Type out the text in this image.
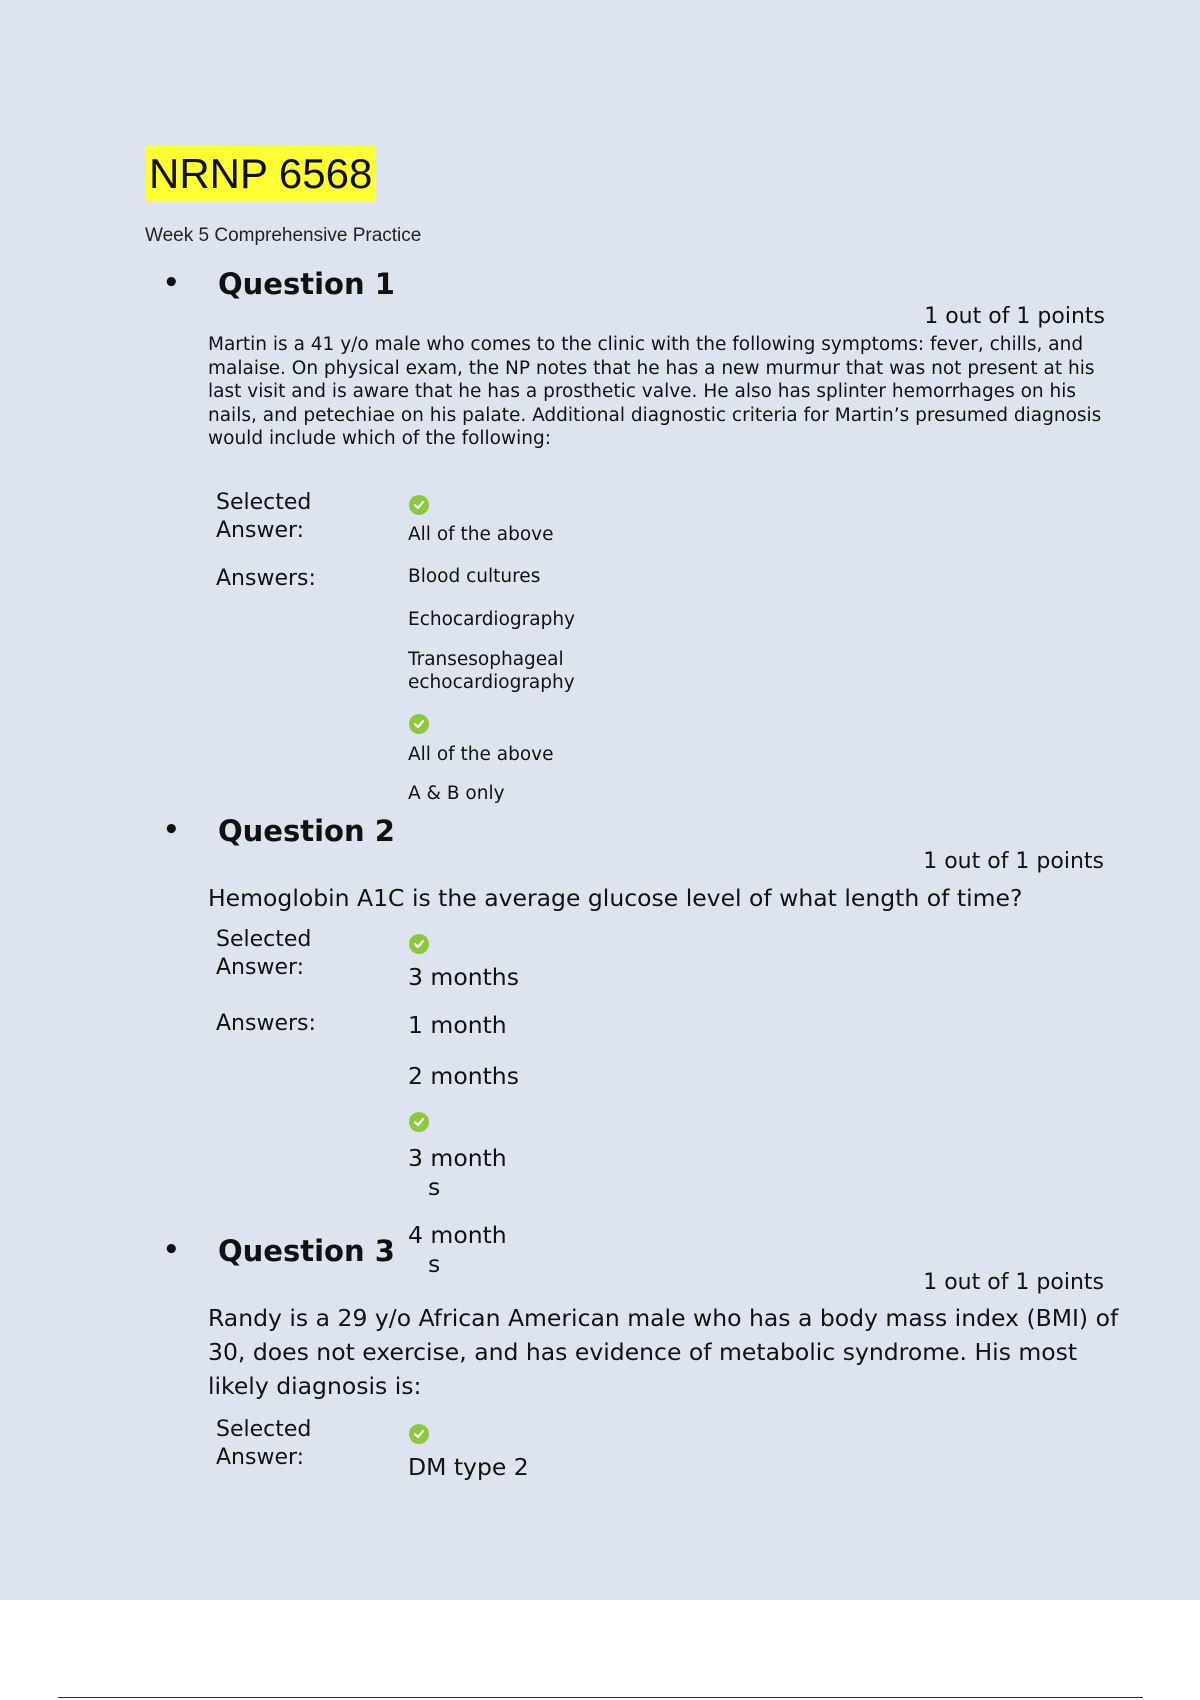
NRNP 6568
Week 5 Comprehensive Practice
• Question 1
1 out of 1 points
Martin is a 41 y/o male who comes to the clinic with the following symptoms: fever, chills, and malaise. On physical exam, the NP notes that he has a new murmur that was not present at his last visit and is aware that he has a prosthetic valve. He also has splinter hemorrhages on his nails, and petechiae on his palate. Additional diagnostic criteria for Martin’s presumed diagnosis would include which of the following:
Selected
Answer:	All of the above
Answers:	Blood cultures
Echocardiography
Transesophageal echocardiography
All of the above
A & B only
• Question 2
1 out of 1 points
Hemoglobin A1C is the average glucose level of what length of time?
Selected
Answer:	3 months
Answers:	1 month
2 months
3 month
s
4 month
s
• Question 3
1 out of 1 points
Randy is a 29 y/o African American male who has a body mass index (BMI) of 30, does not exercise, and has evidence of metabolic syndrome. His most likely diagnosis is:
Selected
Answer:	DM type 2
